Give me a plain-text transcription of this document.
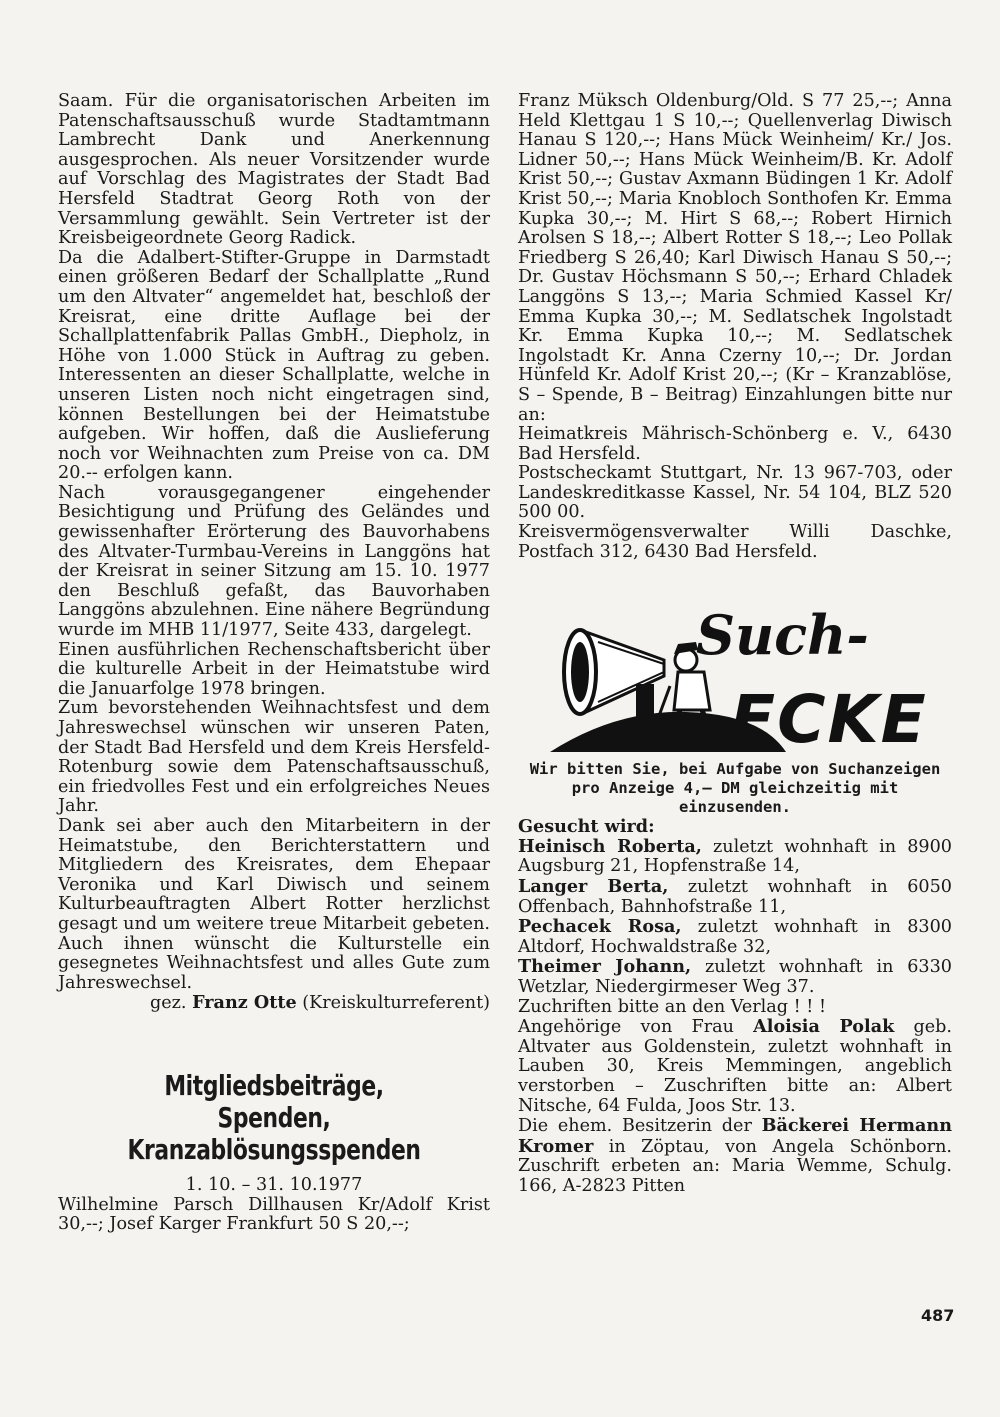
Saam. Für die organisatorischen Arbeiten im Patenschaftsausschuß wurde Stadtamtmann Lambrecht Dank und Anerkennung ausgesprochen. Als neuer Vorsitzender wurde auf Vorschlag des Magistrates der Stadt Bad Hersfeld Stadtrat Georg Roth von der Versammlung gewählt. Sein Vertreter ist der Kreisbeigeordnete Georg Radick.

Da die Adalbert-Stifter-Gruppe in Darmstadt einen größeren Bedarf der Schallplatte „Rund um den Altvater“ angemeldet hat, beschloß der Kreisrat, eine dritte Auflage bei der Schallplattenfabrik Pallas GmbH., Diepholz, in Höhe von 1.000 Stück in Auftrag zu geben. Interessenten an dieser Schallplatte, welche in unseren Listen noch nicht eingetragen sind, können Bestellungen bei der Heimatstube aufgeben. Wir hoffen, daß die Auslieferung noch vor Weihnachten zum Preise von ca. DM 20.-- erfolgen kann.

Nach vorausgegangener eingehender Besichtigung und Prüfung des Geländes und gewissenhafter Erörterung des Bauvorhabens des Altvater-Turmbau-Vereins in Langgöns hat der Kreisrat in seiner Sitzung am 15. 10. 1977 den Beschluß gefaßt, das Bauvorhaben Langgöns abzulehnen. Eine nähere Begründung wurde im MHB 11/1977, Seite 433, dargelegt.

Einen ausführlichen Rechenschaftsbericht über die kulturelle Arbeit in der Heimatstube wird die Januarfolge 1978 bringen.

Zum bevorstehenden Weihnachtsfest und dem Jahreswechsel wünschen wir unseren Paten, der Stadt Bad Hersfeld und dem Kreis Hersfeld-Rotenburg sowie dem Patenschaftsausschuß, ein friedvolles Fest und ein erfolgreiches Neues Jahr.

Dank sei aber auch den Mitarbeitern in der Heimatstube, den Berichterstattern und Mitgliedern des Kreisrates, dem Ehepaar Veronika und Karl Diwisch und seinem Kulturbeauftragten Albert Rotter herzlichst gesagt und um weitere treue Mitarbeit gebeten. Auch ihnen wünscht die Kulturstelle ein gesegnetes Weihnachtsfest und alles Gute zum Jahreswechsel.

gez. Franz Otte (Kreiskulturreferent)

Mitgliedsbeiträge, Spenden,
Kranzablösungsspenden

1. 10. – 31. 10.1977

Wilhelmine Parsch Dillhausen Kr/Adolf Krist 30,--; Josef Karger Frankfurt 50 S 20,--;

Franz Müksch Oldenburg/Old. S 77 25,--; Anna Held Klettgau 1 S 10,--; Quellenverlag Diwisch Hanau S 120,--; Hans Mück Weinheim/ Kr./ Jos. Lidner 50,--; Hans Mück Weinheim/B. Kr. Adolf Krist 50,--; Gustav Axmann Büdingen 1 Kr. Adolf Krist 50,--; Maria Knobloch Sonthofen Kr. Emma Kupka 30,--; M. Hirt S 68,--; Robert Hirnich Arolsen S 18,--; Albert Rotter S 18,--; Leo Pollak Friedberg S 26,40; Karl Diwisch Hanau S 50,--; Dr. Gustav Höchsmann S 50,--; Erhard Chladek Langgöns S 13,--; Maria Schmied Kassel Kr/ Emma Kupka 30,--; M. Sedlatschek Ingolstadt Kr. Emma Kupka 10,--; M. Sedlatschek Ingolstadt Kr. Anna Czerny 10,--; Dr. Jordan Hünfeld Kr. Adolf Krist 20,--; (Kr – Kranzablöse, S – Spende, B – Beitrag) Einzahlungen bitte nur an:

Heimatkreis Mährisch-Schönberg e. V., 6430 Bad Hersfeld.

Postscheckamt Stuttgart, Nr. 13 967-703, oder Landeskreditkasse Kassel, Nr. 54 104, BLZ 520 500 00.

Kreisvermögensverwalter Willi Daschke, Postfach 312, 6430 Bad Hersfeld.

Such-
ECKE

Wir bitten Sie, bei Aufgabe von Suchanzeigen pro Anzeige 4,— DM gleichzeitig mit einzusenden.

Gesucht wird:

Heinisch Roberta, zuletzt wohnhaft in 8900 Augsburg 21, Hopfenstraße 14,

Langer Berta, zuletzt wohnhaft in 6050 Offenbach, Bahnhofstraße 11,

Pechacek Rosa, zuletzt wohnhaft in 8300 Altdorf, Hochwaldstraße 32,

Theimer Johann, zuletzt wohnhaft in 6330 Wetzlar, Niedergirmeser Weg 37.

Zuchriften bitte an den Verlag ! ! !

Angehörige von Frau Aloisia Polak geb. Altvater aus Goldenstein, zuletzt wohnhaft in Lauben 30, Kreis Memmingen, angeblich verstorben – Zuschriften bitte an: Albert Nitsche, 64 Fulda, Joos Str. 13.

Die ehem. Besitzerin der Bäckerei Hermann Kromer in Zöptau, von Angela Schönborn. Zuschrift erbeten an: Maria Wemme, Schulg. 166, A-2823 Pitten

487
